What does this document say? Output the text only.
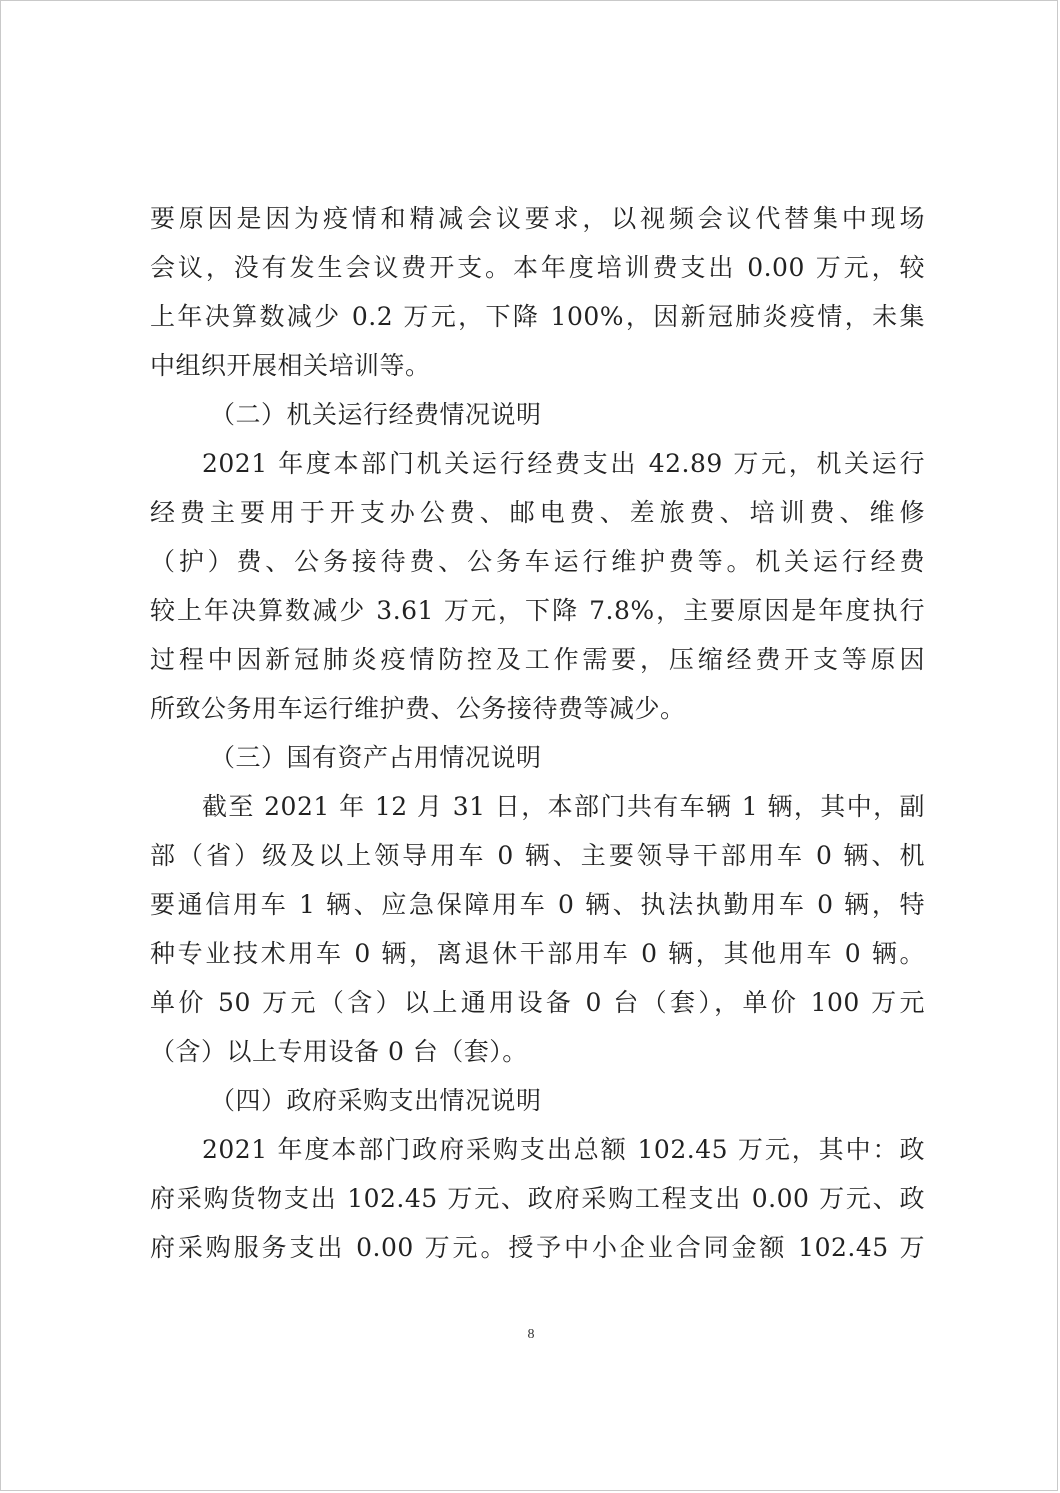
要原因是因为疫情和精减会议要求，以视频会议代替集中现场

会议，没有发生会议费开支。本年度培训费支出 0.00 万元，较

上年决算数减少 0.2 万元，下降 100%，因新冠肺炎疫情，未集

中组织开展相关培训等。

（二）机关运行经费情况说明

2021 年度本部门机关运行经费支出 42.89 万元，机关运行

经费主要用于开支办公费、邮电费、差旅费、培训费、维修

（护）费、公务接待费、公务车运行维护费等。机关运行经费

较上年决算数减少 3.61 万元，下降 7.8%，主要原因是年度执行

过程中因新冠肺炎疫情防控及工作需要，压缩经费开支等原因

所致公务用车运行维护费、公务接待费等减少。

（三）国有资产占用情况说明

截至 2021 年 12 月 31 日，本部门共有车辆 1 辆，其中，副

部（省）级及以上领导用车 0 辆、主要领导干部用车 0 辆、机

要通信用车 1 辆、应急保障用车 0 辆、执法执勤用车 0 辆，特

种专业技术用车 0 辆，离退休干部用车 0 辆，其他用车 0 辆。

单价 50 万元（含）以上通用设备 0 台（套），单价 100 万元

（含）以上专用设备 0 台（套）。

（四）政府采购支出情况说明

2021 年度本部门政府采购支出总额 102.45 万元，其中：政

府采购货物支出 102.45 万元、政府采购工程支出 0.00 万元、政

府采购服务支出 0.00 万元。授予中小企业合同金额 102.45 万

8
